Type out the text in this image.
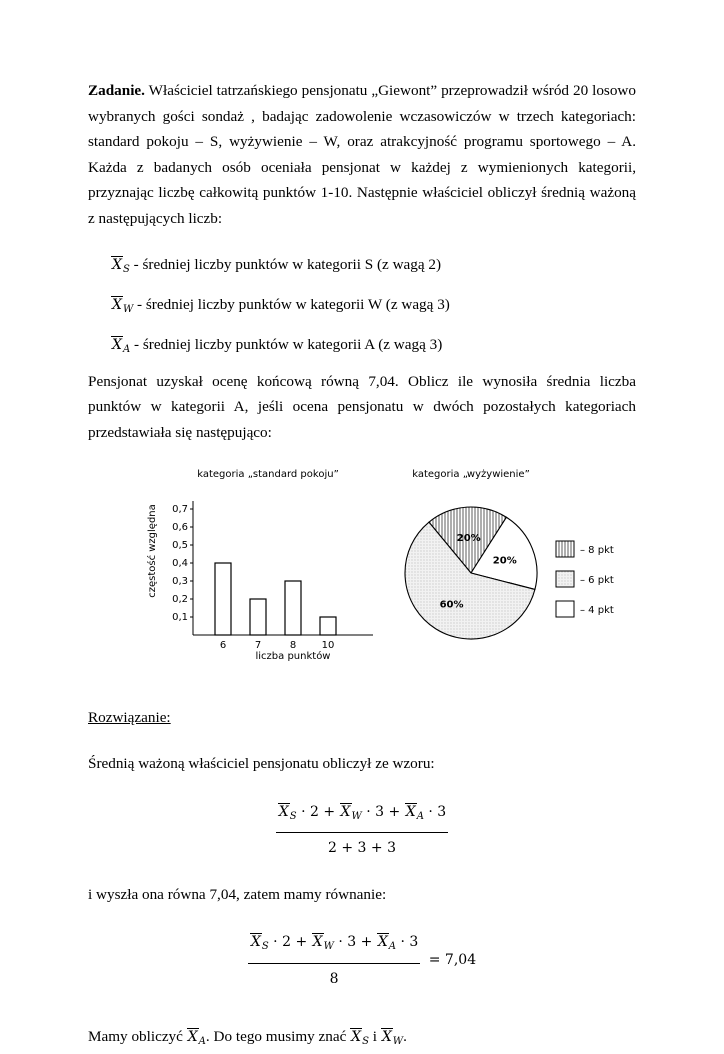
Zadanie. Właściciel tatrzańskiego pensjonatu „Giewont” przeprowadził wśród 20 losowo wybranych gości sondaż , badając zadowolenie wczasowiczów w trzech kategoriach: standard pokoju – S, wyżywienie – W, oraz atrakcyjność programu sportowego – A. Każda z badanych osób oceniała pensjonat w każdej z wymienionych kategorii, przyznając liczbę całkowitą punktów 1-10. Następnie właściciel obliczył średnią ważoną z następujących liczb:

$X_S$ - średniej liczby punktów w kategorii S (z wagą 2)
$X_W$ - średniej liczby punktów w kategorii W (z wagą 3)
$X_A$ - średniej liczby punktów w kategorii A (z wagą 3)

Pensjonat uzyskał ocenę końcową równą 7,04. Oblicz ile wynosiła średnia liczba punktów w kategorii A, jeśli ocena pensjonatu w dwóch pozostałych kategoriach przedstawiała się następująco:

kategoria „standard pokoju”
częstość względna
liczba punktów
0,1
0,2
0,3
0,4
0,5
0,6
0,7
6	7	8	10
kategoria „wyżywienie”
20%
20%
60%
– 8 pkt
– 6 pkt
– 4 pkt

Rozwiązanie:

Średnią ważoną właściciel pensjonatu obliczył ze wzoru:

$X_S \cdot 2 + X_W \cdot 3 + X_A \cdot 3$
2 + 3 + 3

i wyszła ona równa 7,04, zatem mamy równanie:

$X_S \cdot 2 + X_W \cdot 3 + X_A \cdot 3$
8
= 7,04

Mamy obliczyć $X_A$. Do tego musimy znać $X_S$ i $X_W$.
